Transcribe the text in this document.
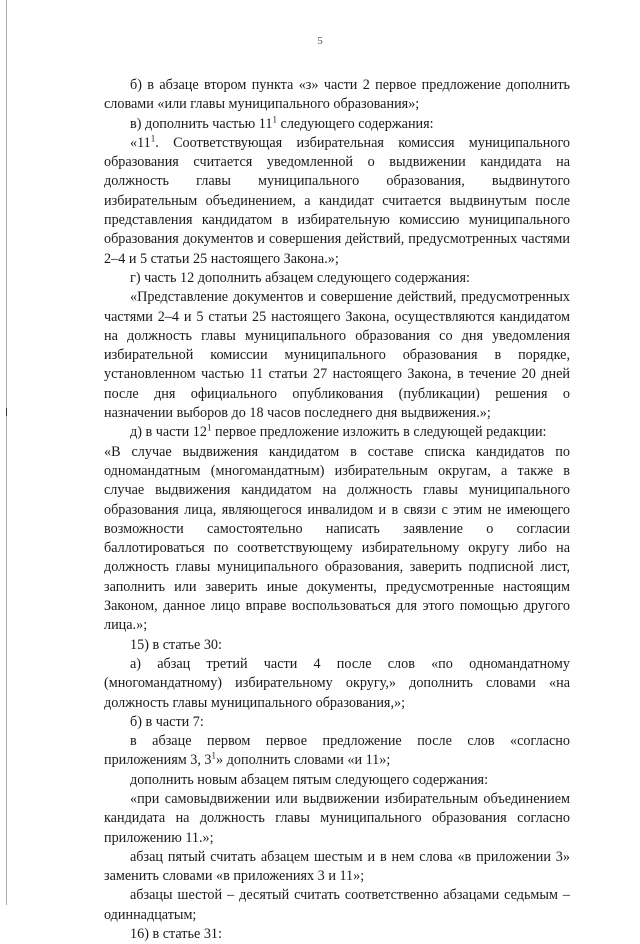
5

б) в абзаце втором пункта «з» части 2 первое предложение дополнить словами «или главы муниципального образования»;

в) дополнить частью $11^1$ следующего содержания:

«$11^1$. Соответствующая избирательная комиссия муниципального образования считается уведомленной о выдвижении кандидата на должность главы муниципального образования, выдвинутого избирательным объединением, а кандидат считается выдвинутым после представления кандидатом в избирательную комиссию муниципального образования документов и совершения действий, предусмотренных частями 2–4 и 5 статьи 25 настоящего Закона.»;

г) часть 12 дополнить абзацем следующего содержания:

«Представление документов и совершение действий, предусмотренных частями 2–4 и 5 статьи 25 настоящего Закона, осуществляются кандидатом на должность главы муниципального образования со дня уведомления избирательной комиссии муниципального образования в порядке, установленном частью 11 статьи 27 настоящего Закона, в течение 20 дней после дня официального опубликования (публикации) решения о назначении выборов до 18 часов последнего дня выдвижения.»;

д) в части $12^1$ первое предложение изложить в следующей редакции:

«В случае выдвижения кандидатом в составе списка кандидатов по одномандатным (многомандатным) избирательным округам, а также в случае выдвижения кандидатом на должность главы муниципального образования лица, являющегося инвалидом и в связи с этим не имеющего возможности самостоятельно написать заявление о согласии баллотироваться по соответствующему избирательному округу либо на должность главы муниципального образования, заверить подписной лист, заполнить или заверить иные документы, предусмотренные настоящим Законом, данное лицо вправе воспользоваться для этого помощью другого лица.»;

15) в статье 30:

а) абзац третий части 4 после слов «по одномандатному (многомандатному) избирательному округу,» дополнить словами «на должность главы муниципального образования,»;

б) в части 7:

в абзаце первом первое предложение после слов «согласно приложениям 3, $3^1$» дополнить словами «и 11»;

дополнить новым абзацем пятым следующего содержания:

«при самовыдвижении или выдвижении избирательным объединением кандидата на должность главы муниципального образования согласно приложению 11.»;

абзац пятый считать абзацем шестым и в нем слова «в приложении 3» заменить словами «в приложениях 3 и 11»;

абзацы шестой – десятый считать соответственно абзацами седьмым – одиннадцатым;

16) в статье 31:
